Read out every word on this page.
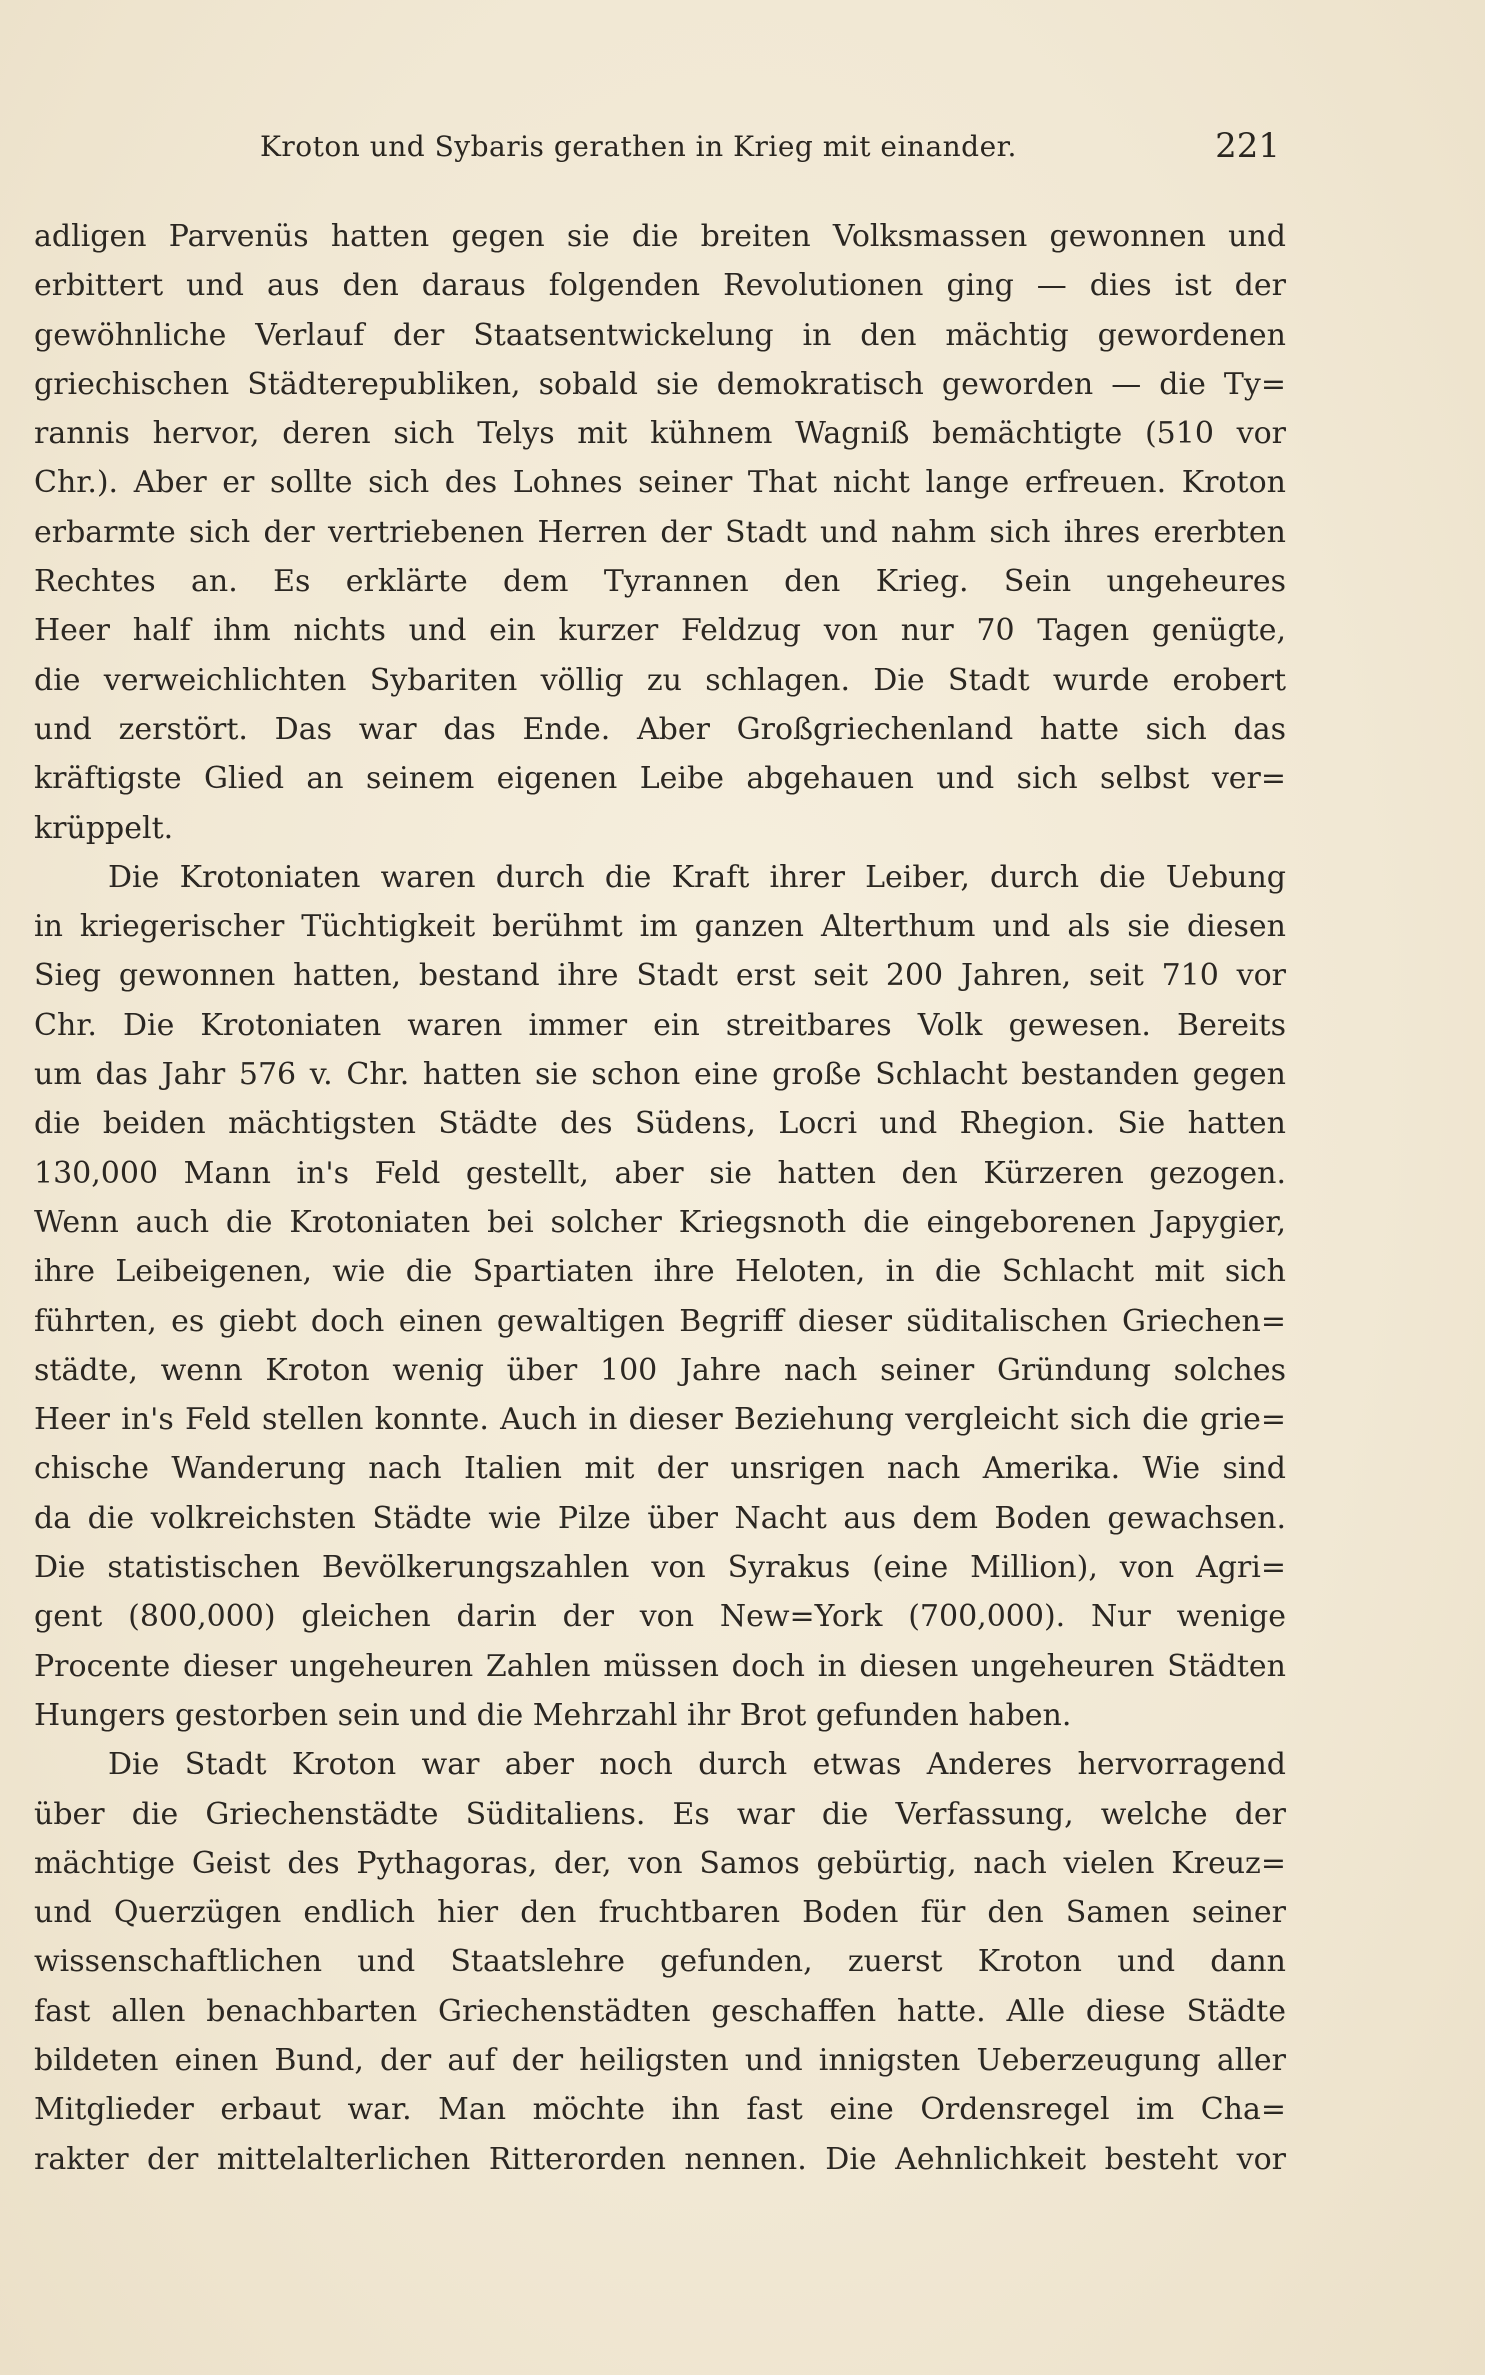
Kroton und Sybaris gerathen in Krieg mit einander.	221
adligen Parvenüs hatten gegen sie die breiten Volksmassen gewonnen und
erbittert und aus den daraus folgenden Revolutionen ging — dies ist der
gewöhnliche Verlauf der Staatsentwickelung in den mächtig gewordenen
griechischen Städterepubliken, sobald sie demokratisch geworden — die Ty=
rannis hervor, deren sich Telys mit kühnem Wagniß bemächtigte (510 vor
Chr.). Aber er sollte sich des Lohnes seiner That nicht lange erfreuen. Kroton
erbarmte sich der vertriebenen Herren der Stadt und nahm sich ihres ererbten
Rechtes an. Es erklärte dem Tyrannen den Krieg. Sein ungeheures
Heer half ihm nichts und ein kurzer Feldzug von nur 70 Tagen genügte,
die verweichlichten Sybariten völlig zu schlagen. Die Stadt wurde erobert
und zerstört. Das war das Ende. Aber Großgriechenland hatte sich das
kräftigste Glied an seinem eigenen Leibe abgehauen und sich selbst ver=
krüppelt.
Die Krotoniaten waren durch die Kraft ihrer Leiber, durch die Uebung
in kriegerischer Tüchtigkeit berühmt im ganzen Alterthum und als sie diesen
Sieg gewonnen hatten, bestand ihre Stadt erst seit 200 Jahren, seit 710 vor
Chr. Die Krotoniaten waren immer ein streitbares Volk gewesen. Bereits
um das Jahr 576 v. Chr. hatten sie schon eine große Schlacht bestanden gegen
die beiden mächtigsten Städte des Südens, Locri und Rhegion. Sie hatten
130,000 Mann in's Feld gestellt, aber sie hatten den Kürzeren gezogen.
Wenn auch die Krotoniaten bei solcher Kriegsnoth die eingeborenen Japygier,
ihre Leibeigenen, wie die Spartiaten ihre Heloten, in die Schlacht mit sich
führten, es giebt doch einen gewaltigen Begriff dieser süditalischen Griechen=
städte, wenn Kroton wenig über 100 Jahre nach seiner Gründung solches
Heer in's Feld stellen konnte. Auch in dieser Beziehung vergleicht sich die grie=
chische Wanderung nach Italien mit der unsrigen nach Amerika. Wie sind
da die volkreichsten Städte wie Pilze über Nacht aus dem Boden gewachsen.
Die statistischen Bevölkerungszahlen von Syrakus (eine Million), von Agri=
gent (800,000) gleichen darin der von New=York (700,000). Nur wenige
Procente dieser ungeheuren Zahlen müssen doch in diesen ungeheuren Städten
Hungers gestorben sein und die Mehrzahl ihr Brot gefunden haben.
Die Stadt Kroton war aber noch durch etwas Anderes hervorragend
über die Griechenstädte Süditaliens. Es war die Verfassung, welche der
mächtige Geist des Pythagoras, der, von Samos gebürtig, nach vielen Kreuz=
und Querzügen endlich hier den fruchtbaren Boden für den Samen seiner
wissenschaftlichen und Staatslehre gefunden, zuerst Kroton und dann
fast allen benachbarten Griechenstädten geschaffen hatte. Alle diese Städte
bildeten einen Bund, der auf der heiligsten und innigsten Ueberzeugung aller
Mitglieder erbaut war. Man möchte ihn fast eine Ordensregel im Cha=
rakter der mittelalterlichen Ritterorden nennen. Die Aehnlichkeit besteht vor
